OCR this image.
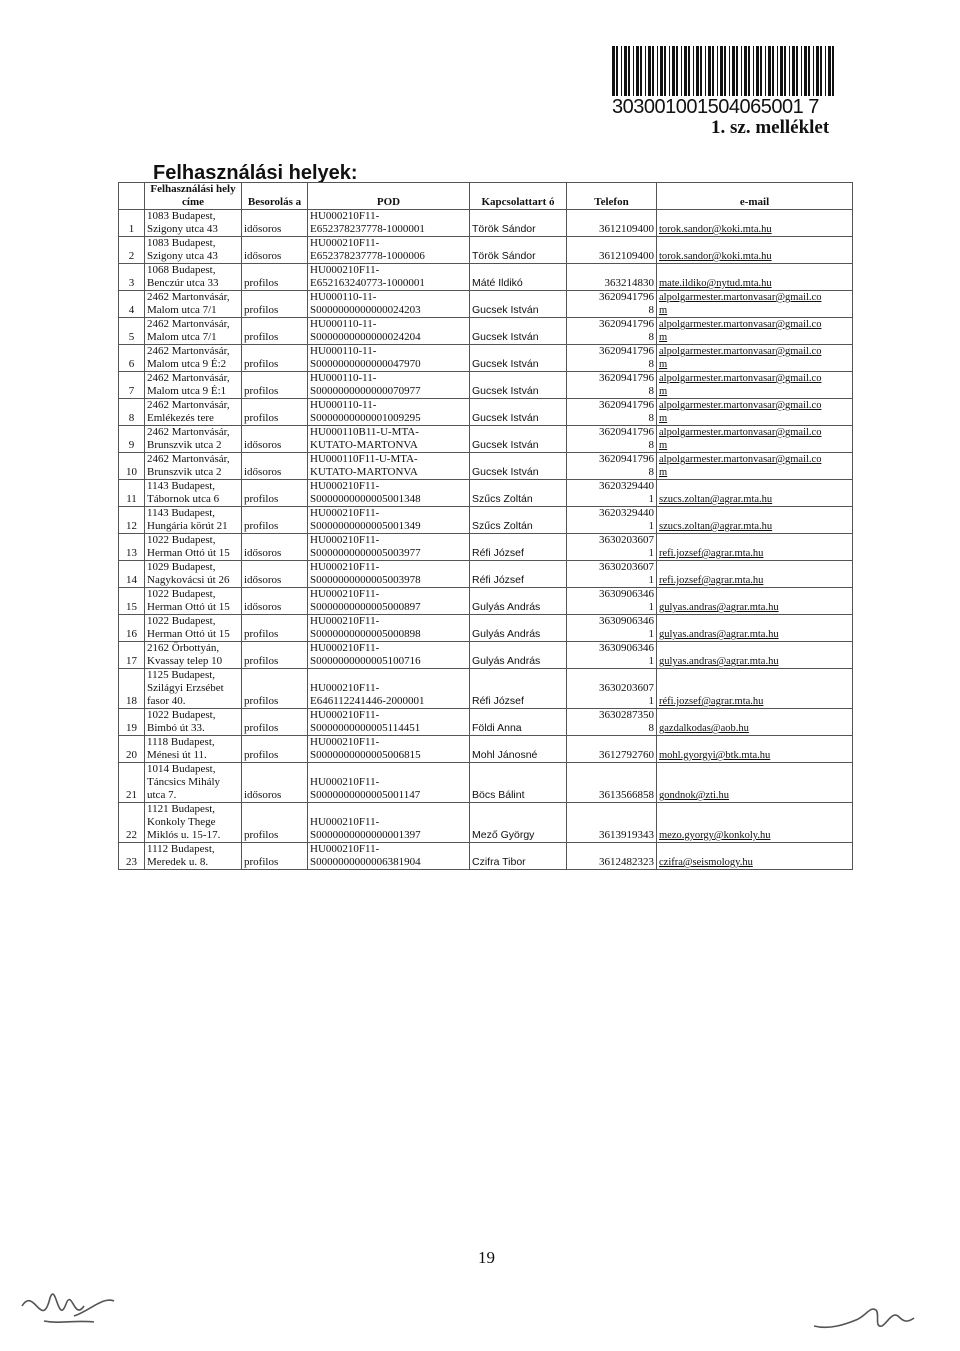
303001001504065001 7
1. sz. melléklet
Felhasználási helyek:
	Felhasználási hely címe	Besorolás a	POD	Kapcsolattart ó	Telefon	e-mail
1	1083 Budapest, Szigony utca 43	idősoros	HU000210F11-
E652378237778-1000001	Török Sándor	3612109400	torok.sandor@koki.mta.hu
2	1083 Budapest, Szigony utca 43	idősoros	HU000210F11-
E652378237778-1000006	Török Sándor	3612109400	torok.sandor@koki.mta.hu
3	1068 Budapest, Benczúr utca 33	profilos	HU000210F11-
E652163240773-1000001	Máté Ildikó	363214830	mate.ildiko@nytud.mta.hu
4	2462 Martonvásár, Malom utca 7/1	profilos	HU000110-11-
S0000000000000024203	Gucsek István	3620941796
8	alpolgarmester.martonvasar@gmail.co
m
5	2462 Martonvásár, Malom utca 7/1	profilos	HU000110-11-
S0000000000000024204	Gucsek István	3620941796
8	alpolgarmester.martonvasar@gmail.co
m
6	2462 Martonvásár, Malom utca 9 É:2	profilos	HU000110-11-
S0000000000000047970	Gucsek István	3620941796
8	alpolgarmester.martonvasar@gmail.co
m
7	2462 Martonvásár, Malom utca 9 É:1	profilos	HU000110-11-
S0000000000000070977	Gucsek István	3620941796
8	alpolgarmester.martonvasar@gmail.co
m
8	2462 Martonvásár, Emlékezés tere	profilos	HU000110-11-
S0000000000001009295	Gucsek István	3620941796
8	alpolgarmester.martonvasar@gmail.co
m
9	2462 Martonvásár, Brunszvik utca 2	idősoros	HU000110B11-U-MTA-
KUTATO-MARTONVA	Gucsek István	3620941796
8	alpolgarmester.martonvasar@gmail.co
m
10	2462 Martonvásár, Brunszvik utca 2	idősoros	HU000110F11-U-MTA-
KUTATO-MARTONVA	Gucsek István	3620941796
8	alpolgarmester.martonvasar@gmail.co
m
11	1143 Budapest, Tábornok utca 6	profilos	HU000210F11-
S0000000000005001348	Szűcs Zoltán	3620329440
1	szucs.zoltan@agrar.mta.hu
12	1143 Budapest, Hungária körút 21	profilos	HU000210F11-
S0000000000005001349	Szűcs Zoltán	3620329440
1	szucs.zoltan@agrar.mta.hu
13	1022 Budapest, Herman Ottó út 15	idősoros	HU000210F11-
S0000000000005003977	Réfi József	3630203607
1	refi.jozsef@agrar.mta.hu
14	1029 Budapest, Nagykovácsi út 26	idősoros	HU000210F11-
S0000000000005003978	Réfi József	3630203607
1	refi.jozsef@agrar.mta.hu
15	1022 Budapest, Herman Ottó út 15	idősoros	HU000210F11-
S0000000000005000897	Gulyás András	3630906346
1	gulyas.andras@agrar.mta.hu
16	1022 Budapest, Herman Ottó út 15	profilos	HU000210F11-
S0000000000005000898	Gulyás András	3630906346
1	gulyas.andras@agrar.mta.hu
17	2162 Őrbottyán, Kvassay telep 10	profilos	HU000210F11-
S0000000000005100716	Gulyás András	3630906346
1	gulyas.andras@agrar.mta.hu
18	1125 Budapest, Szilágyi Erzsébet fasor 40.	profilos	HU000210F11-
E646112241446-2000001	Réfi József	3630203607
1	réfi.jozsef@agrar.mta.hu
19	1022 Budapest, Bimbó út 33.	profilos	HU000210F11-
S0000000000005114451	Földi Anna	3630287350
8	gazdalkodas@aob.hu
20	1118 Budapest, Ménesi út 11.	profilos	HU000210F11-
S0000000000005006815	Mohl Jánosné	3612792760	mohl.gyorgyi@btk.mta.hu
21	1014 Budapest, Táncsics Mihály utca 7.	idősoros	HU000210F11-
S0000000000005001147	Böcs Bálint	3613566858	gondnok@zti.hu
22	1121 Budapest, Konkoly Thege Miklós u. 15-17.	profilos	HU000210F11-
S0000000000000001397	Mező György	3613919343	mezo.gyorgy@konkoly.hu
23	1112 Budapest, Meredek u. 8.	profilos	HU000210F11-
S0000000000006381904	Czifra Tibor	3612482323	czifra@seismology.hu
19
